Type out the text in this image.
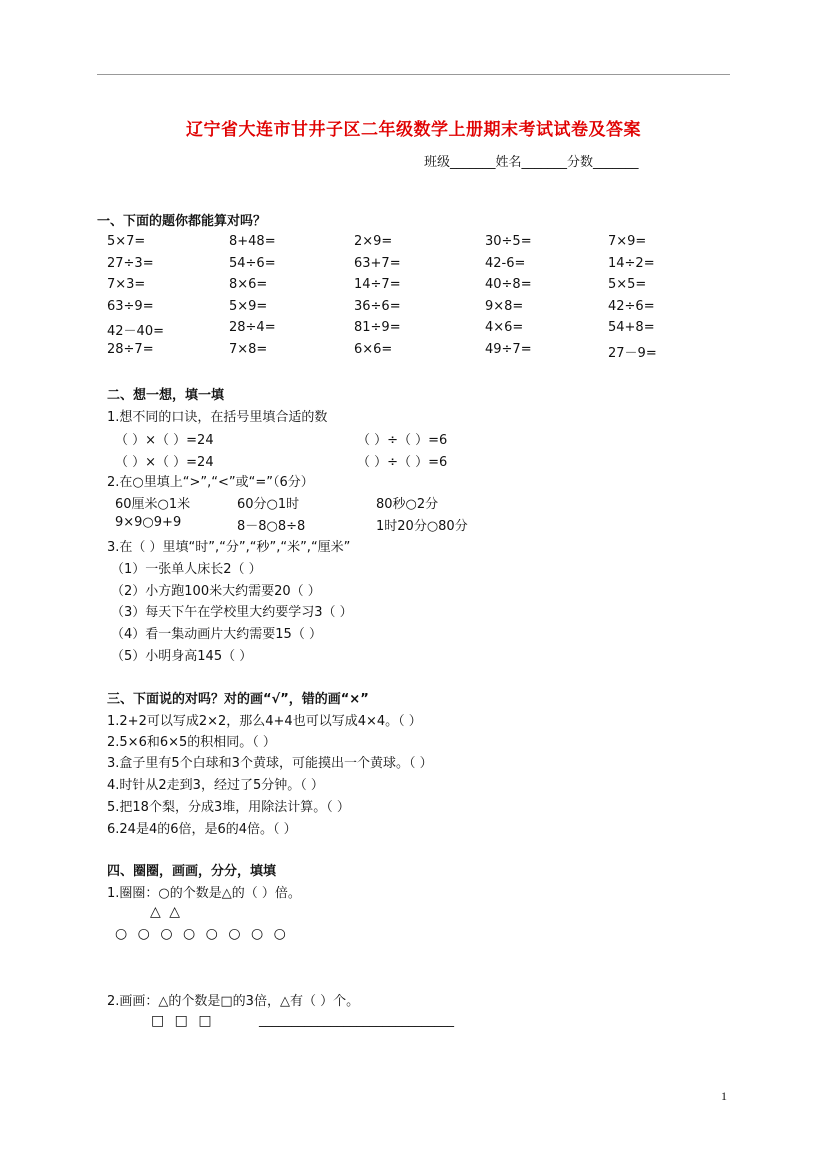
辽宁省大连市甘井子区二年级数学上册期末考试试卷及答案
班级_______姓名_______分数_______
一、下面的题你都能算对吗？
5×7=	8+48=	2×9=	30÷5=	7×9=
27÷3=	54÷6=	63+7=	42-6=	14÷2=
7×3=	8×6=	14÷7=	40÷8=	5×5=
63÷9=	5×9=	36÷6=	9×8=	42÷6=
42－40=	28÷4=	81÷9=	4×6=	54+8=
28÷7=	7×8=	6×6=	49÷7=	27－9=
二、想一想，填一填
1.想不同的口诀，在括号里填合适的数
（ ）×（ ）=24	（ ）÷（ ）=6
（ ）×（ ）=24	（ ）÷（ ）=6
2.在○里填上“>”,“<”或“=”（6分）
60厘米○1米	60分○1时	80秒○2分
9×9○9+9	8－8○8÷8	1时20分○80分
3.在（ ）里填“时”,“分”,“秒”,“米”,“厘米”
（1）一张单人床长2（ ）
（2）小方跑100米大约需要20（ ）
（3）每天下午在学校里大约要学习3（ ）
（4）看一集动画片大约需要15（ ）
（5）小明身高145（ ）
三、下面说的对吗？对的画“√”，错的画“×”
1.2+2可以写成2×2，那么4+4也可以写成4×4。（ ）
2.5×6和6×5的积相同。（ ）
3.盒子里有5个白球和3个黄球，可能摸出一个黄球。（ ）
4.时针从2走到3，经过了5分钟。（ ）
5.把18个梨，分成3堆，用除法计算。（ ）
6.24是4的6倍，是6的4倍。（ ）
四、圈圈，画画，分分，填填
1.圈圈：○的个数是△的（ ）倍。
△ △
○ ○ ○ ○ ○ ○ ○ ○
2.画画：△的个数是□的3倍，△有（ ）个。
□ □ □	______________________________
1
